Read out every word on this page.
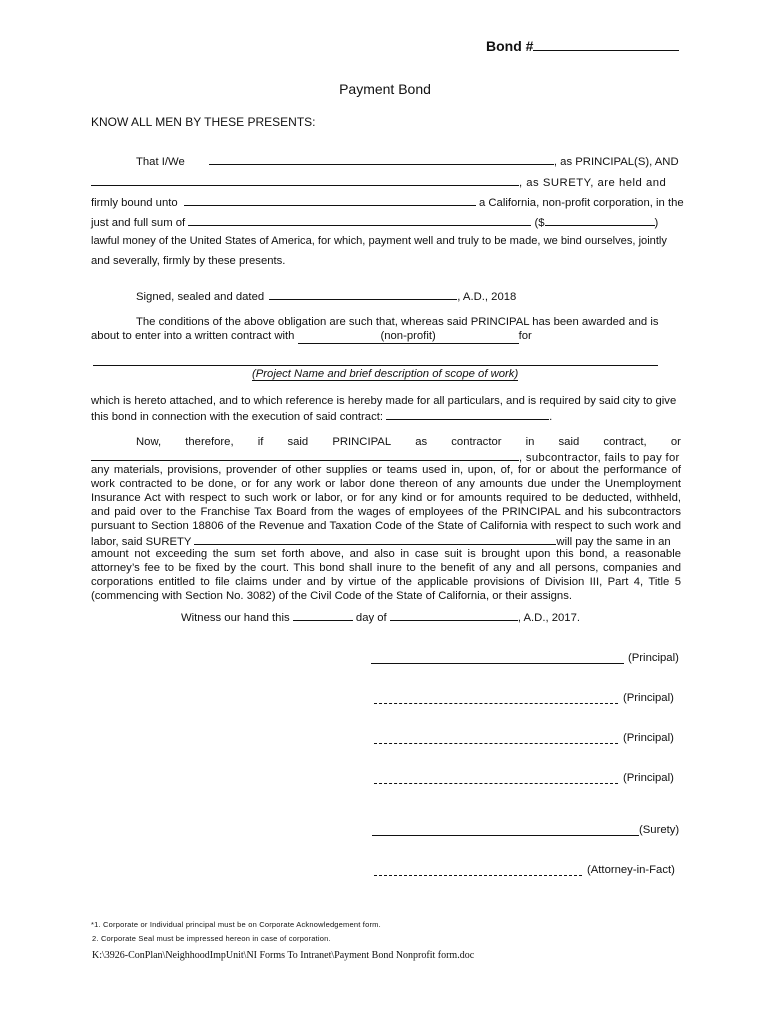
Bond #
Payment Bond
KNOW ALL MEN BY THESE PRESENTS:
That I/We	, as PRINCIPAL(S), AND
, as SURETY, are held and
firmly bound unto	a California, non-profit corporation, in the
just and full sum of	($	)
lawful money of the United States of America, for which, payment well and truly to be made, we bind ourselves, jointly
and severally, firmly by these presents.
Signed, sealed and dated	, A.D., 2018
The conditions of the above obligation are such that, whereas said PRINCIPAL has been awarded and is
about to enter into a written contract with	(non-profit)	for
(Project Name and brief description of scope of work)
which is hereto attached, and to which reference is hereby made for all particulars, and is required by said city to give
this bond in connection with the execution of said contract:	.
Now, therefore, if said PRINCIPAL as contractor in said contract, or
, subcontractor, fails to pay for
any materials, provisions, provender of other supplies or teams used in, upon, of, for or about the performance of
work contracted to be done, or for any work or labor done thereon of any amounts due under the Unemployment
Insurance Act with respect to such work or labor, or for any kind or for amounts required to be deducted, withheld,
and paid over to the Franchise Tax Board from the wages of employees of the PRINCIPAL and his subcontractors
pursuant to Section 18806 of the Revenue and Taxation Code of the State of California with respect to such work and
labor, said SURETY	will pay the same in an
amount not exceeding the sum set forth above, and also in case suit is brought upon this bond, a reasonable
attorney’s fee to be fixed by the court. This bond shall inure to the benefit of any and all persons, companies and
corporations entitled to file claims under and by virtue of the applicable provisions of Division III, Part 4, Title 5
(commencing with Section No. 3082) of the Civil Code of the State of California, or their assigns.
Witness our hand this	day of	, A.D., 2017.
(Principal)
(Principal)
(Principal)
(Principal)
(Surety)
(Attorney-in-Fact)
*1. Corporate or Individual principal must be on Corporate Acknowledgement form.
2. Corporate Seal must be impressed hereon in case of corporation.
K:\3926-ConPlan\NeighhoodImpUnit\NI Forms To Intranet\Payment Bond Nonprofit form.doc
